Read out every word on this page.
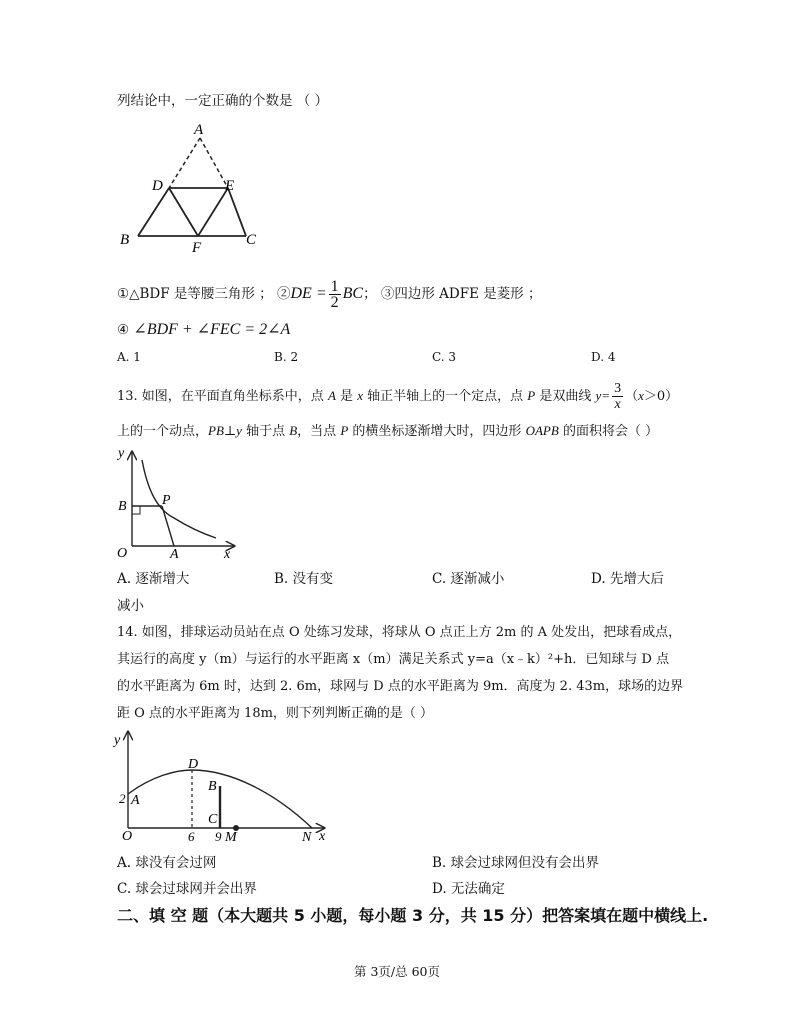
列结论中，一定正确的个数是 （ ）
A
D	E
B	F	C
①△BDF 是等腰三角形 ； ②DE = $\frac{1}{2}$ BC； ③四边形 ADFE 是菱形 ；
④ ∠BDF + ∠FEC = 2∠A
A. 1	B. 2	C. 3	D. 4
13. 如图，在平面直角坐标系中，点 A 是 x 轴正半轴上的一个定点，点 P 是双曲线 $y= \frac{3}{x} (x>0)$
上的一个动点，PB⊥y 轴于点 B，当点 P 的横坐标逐渐增大时，四边形 OAPB 的面积将会（ ）
y
x
O	A
B	P
A. 逐渐增大	B. 没有变	C. 逐渐减小	D. 先增大后
减小
14. 如图，排球运动员站在点 O 处练习发球，将球从 O 点正上方 2m 的 A 处发出，把球看成点，
其运行的高度 y（m）与运行的水平距离 x（m）满足关系式 y=a（x﹣k）²+h．已知球与 D 点
的水平距离为 6m 时，达到 2. 6m，球网与 D 点的水平距离为 9m．高度为 2. 43m，球场的边界
距 O 点的水平距离为 18m，则下列判断正确的是（ ）
y
x
O
2 A
D
B
C
6 9 M	N
A. 球没有会过网	B. 球会过球网但没有会出界
C. 球会过球网并会出界	D. 无法确定
二、填 空 题（本大题共 5 小题，每小题 3 分，共 15 分）把答案填在题中横线上.
第 3页/总 60页
